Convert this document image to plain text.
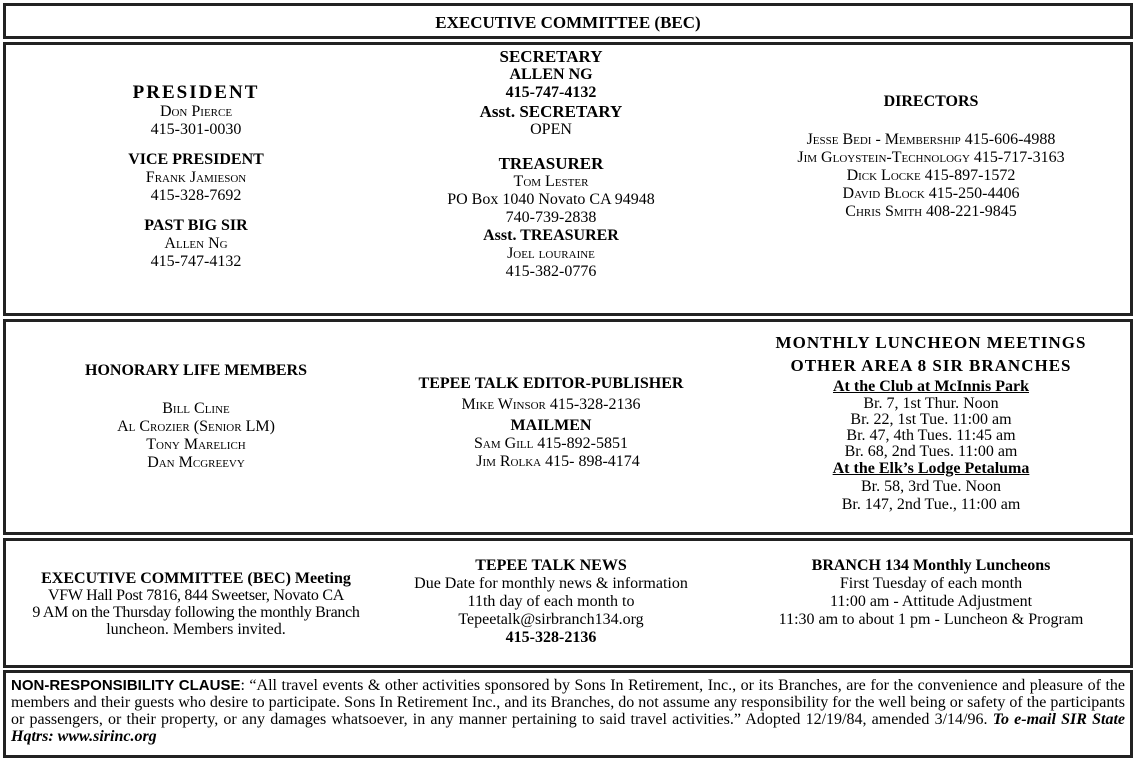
EXECUTIVE COMMITTEE (BEC)
PRESIDENT
Don Pierce
415-301-0030
VICE PRESIDENT
Frank Jamieson
415-328-7692
PAST BIG SIR
Allen Ng
415-747-4132
SECRETARY
ALLEN NG
415-747-4132
Asst. SECRETARY
OPEN
TREASURER
Tom Lester
PO Box 1040 Novato CA 94948
740-739-2838
Asst. TREASURER
Joel louraine
415-382-0776
DIRECTORS
Jesse Bedi - Membership 415-606-4988
Jim Gloystein-Technology 415-717-3163
Dick Locke 415-897-1572
David Block 415-250-4406
Chris Smith 408-221-9845
HONORARY LIFE MEMBERS
Bill Cline
Al Crozier (Senior LM)
Tony Marelich
Dan Mcgreevy
TEPEE TALK EDITOR-PUBLISHER
Mike Winsor 415-328-2136
MAILMEN
Sam Gill 415-892-5851
Jim Rolka 415- 898-4174
MONTHLY LUNCHEON MEETINGS
OTHER AREA 8 SIR BRANCHES
At the Club at McInnis Park
Br. 7, 1st Thur. Noon
Br. 22, 1st Tue. 11:00 am
Br. 47, 4th Tues. 11:45 am
Br. 68, 2nd Tues. 11:00 am
At the Elk’s Lodge Petaluma
Br. 58, 3rd Tue. Noon
Br. 147, 2nd Tue., 11:00 am
EXECUTIVE COMMITTEE (BEC) Meeting
VFW Hall Post 7816, 844 Sweetser, Novato CA
9 AM on the Thursday following the monthly Branch
luncheon. Members invited.
TEPEE TALK NEWS
Due Date for monthly news & information
11th day of each month to
Tepeetalk@sirbranch134.org
415-328-2136
BRANCH 134 Monthly Luncheons
First Tuesday of each month
11:00 am - Attitude Adjustment
11:30 am to about 1 pm - Luncheon & Program
NON-RESPONSIBILITY CLAUSE: “All travel events & other activities sponsored by Sons In Retirement, Inc., or its Branches, are for the convenience and pleasure of the members and their guests who desire to participate. Sons In Retirement Inc., and its Branches, do not assume any responsibility for the well being or safety of the participants or passengers, or their property, or any damages whatsoever, in any manner pertaining to said travel activities.” Adopted 12/19/84, amended 3/14/96. To e-mail SIR State Hqtrs: www.sirinc.org
